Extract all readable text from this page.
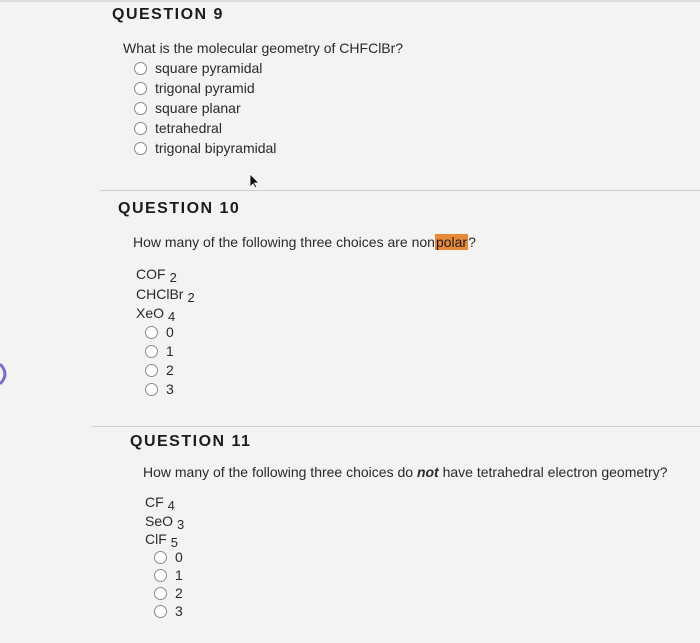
QUESTION 9
What is the molecular geometry of CHFClBr?
square pyramidal
trigonal pyramid
square planar
tetrahedral
trigonal bipyramidal
QUESTION 10
How many of the following three choices are nonpolar?
COF 2
CHClBr 2
XeO 4
0
1
2
3
QUESTION 11
How many of the following three choices do not have tetrahedral electron geometry?
CF 4
SeO 3
ClF 5
0
1
2
3
